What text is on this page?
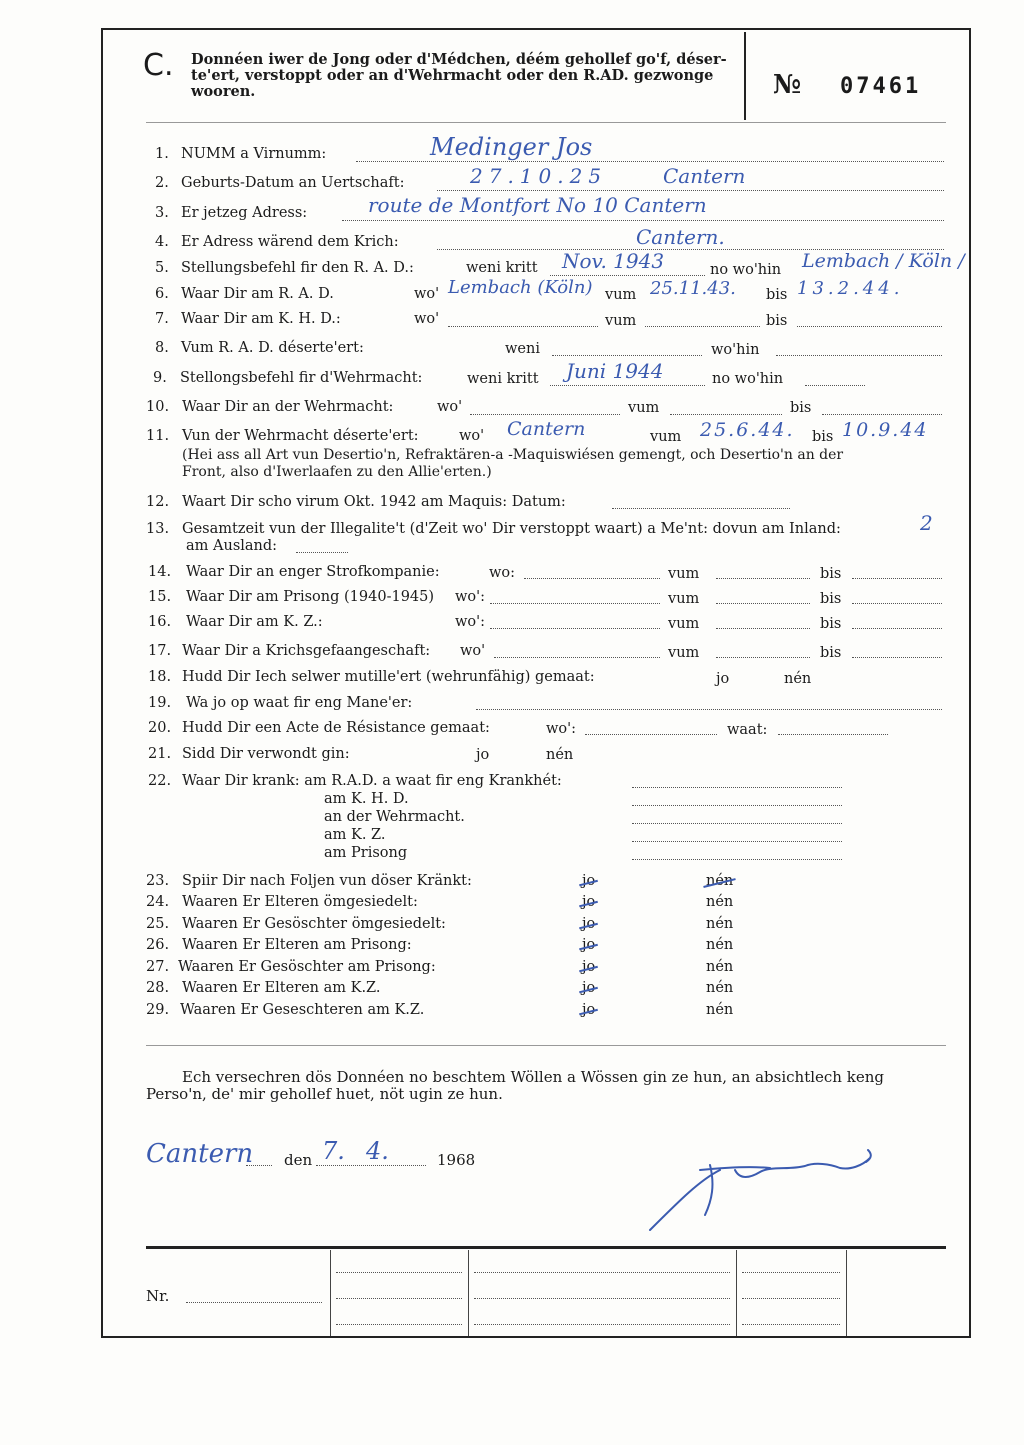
C. Donnéen iwer de Jong oder d'Médchen, déém gehollef go'f, déser-te'ert, verstoppt oder an d'Wehrmacht oder den R.AD. gezwonge wooren.	№ 07461
1. NUMM a Virnumm:	Medinger Jos
2. Geburts-Datum an Uertschaft:	27.10.25	Cantern
3. Er jetzeg Adress:	route de Montfort No 10 Cantern
4. Er Adress wärend dem Krich:	Cantern.
5. Stellungsbefehl fir den R. A. D.:	weni kritt Nov. 1943	no wo'hin Lembach / Köln /
6. Waar Dir am R. A. D.	wo' Lembach (Köln) vum 25.11.43. bis 13.2.44.
7. Waar Dir am K. H. D.:	wo'	vum	bis
8. Vum R. A. D. déserte'ert:	weni	wo'hin
9. Stellongsbefehl fir d'Wehrmacht:	weni kritt Juni 1944	no wo'hin
10. Waar Dir an der Wehrmacht:	wo'	vum	bis
11. Vun der Wehrmacht déserte'ert:	wo' Cantern	vum 25.6.44. bis 10.9.44
(Hei ass all Art vun Desertio'n, Refraktären-a -Maquiswiésen gemengt, och Desertio'n an der
Front, also d'Iwerlaafen zu den Allie'erten.)
12. Waart Dir scho virum Okt. 1942 am Maquis: Datum:
13. Gesamtzeit vun der Illegalite't (d'Zeit wo' Dir verstoppt waart) a Me'nt: dovun am Inland:	2
am Ausland:
14. Waar Dir an enger Strofkompanie:	wo:	vum	bis
15. Waar Dir am Prisong (1940-1945) wo':	vum	bis
16. Waar Dir am K. Z.:	wo':	vum	bis
17. Waar Dir a Krichsgefaangeschaft: wo'	vum	bis
18. Hudd Dir Iech selwer mutille'ert (wehrunfähig) gemaat:	jo	nén
19. Wa jo op waat fir eng Mane'er:
20. Hudd Dir een Acte de Résistance gemaat:	wo':	waat:
21. Sidd Dir verwondt gin:	jo	nén
22. Waar Dir krank: am R.A.D. a waat fir eng Krankhét:
am K. H. D.
an der Wehrmacht.
am K. Z.
am Prisong
23. Spiir Dir nach Foljen vun döser Kränkt:	jo	nén
24. Waaren Er Elteren ömgesiedelt:	jo	nén
25. Waaren Er Gesöschter ömgesiedelt:	jo	nén
26. Waaren Er Elteren am Prisong:	jo	nén
27. Waaren Er Gesöschter am Prisong:	jo	nén
28. Waaren Er Elteren am K.Z.	jo	nén
29. Waaren Er Geseschteren am K.Z.	jo	nén
Ech versechren dös Donnéen no beschtem Wöllen a Wössen gin ze hun, an absichtlech keng
Perso'n, de' mir gehollef huet, nöt ugin ze hun.
Cantern den 7. 4.	1968
Nr.
